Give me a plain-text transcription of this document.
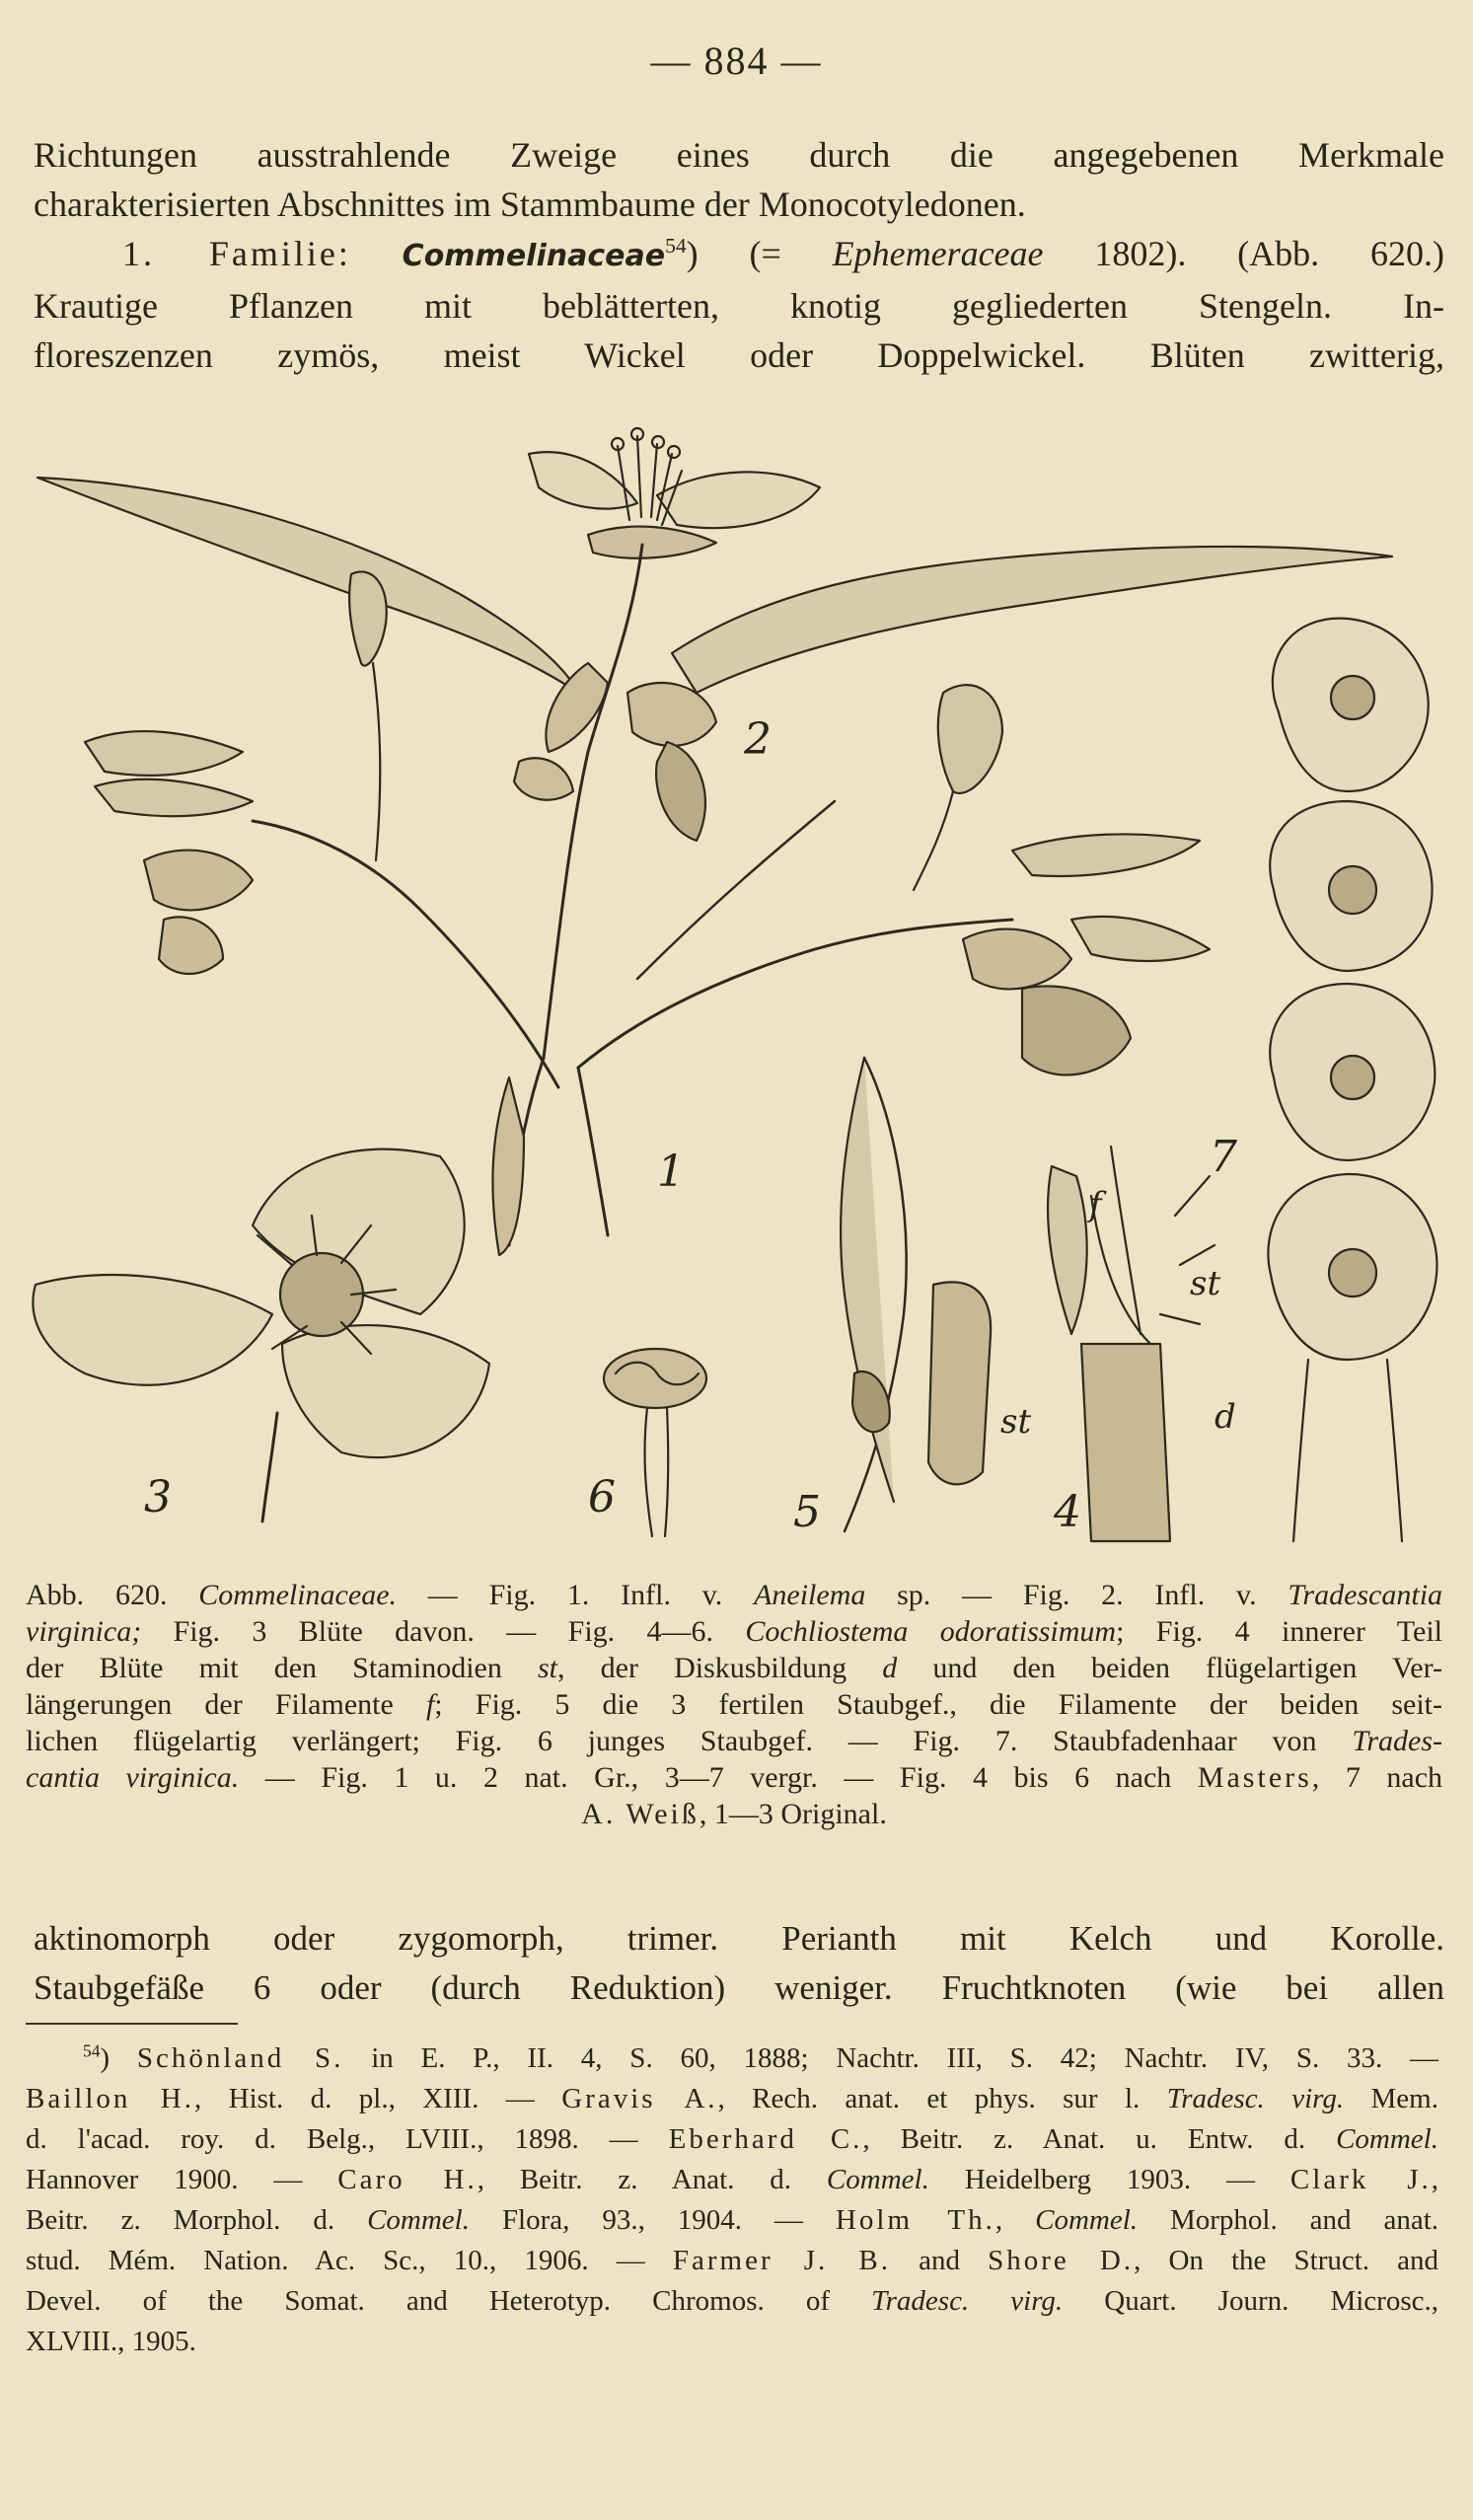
— 884 —
Richtungen ausstrahlende Zweige eines durch die angegebenen Merkmale
charakterisierten Abschnittes im Stammbaume der Monocotyledonen.
1. Familie: Commelinaceae$^{54}$) (= Ephemeraceae 1802). (Abb. 620.)
Krautige Pflanzen mit beblätterten, knotig gegliederten Stengeln. In-
floreszenzen zymös, meist Wickel oder Doppelwickel. Blüten zwitterig,
2
1
3	6	5	4
7
f
st
st	d
Abb. 620. Commelinaceae. — Fig. 1. Infl. v. Aneilema sp. — Fig. 2. Infl. v. Tradescantia
virginica; Fig. 3 Blüte davon. — Fig. 4—6. Cochliostema odoratissimum; Fig. 4 innerer Teil
der Blüte mit den Staminodien st, der Diskusbildung d und den beiden flügelartigen Ver-
längerungen der Filamente f; Fig. 5 die 3 fertilen Staubgef., die Filamente der beiden seit-
lichen flügelartig verlängert; Fig. 6 junges Staubgef. — Fig. 7. Staubfadenhaar von Trades-
cantia virginica. — Fig. 1 u. 2 nat. Gr., 3—7 vergr. — Fig. 4 bis 6 nach Masters, 7 nach
A. Weiß, 1—3 Original.
aktinomorph oder zygomorph, trimer. Perianth mit Kelch und Korolle.
Staubgefäße 6 oder (durch Reduktion) weniger. Fruchtknoten (wie bei allen
$^{54}$) Schönland S. in E. P., II. 4, S. 60, 1888; Nachtr. III, S. 42; Nachtr. IV, S. 33. —
Baillon H., Hist. d. pl., XIII. — Gravis A., Rech. anat. et phys. sur l. Tradesc. virg. Mem.
d. l'acad. roy. d. Belg., LVIII., 1898. — Eberhard C., Beitr. z. Anat. u. Entw. d. Commel.
Hannover 1900. — Caro H., Beitr. z. Anat. d. Commel. Heidelberg 1903. — Clark J.,
Beitr. z. Morphol. d. Commel. Flora, 93., 1904. — Holm Th., Commel. Morphol. and anat.
stud. Mém. Nation. Ac. Sc., 10., 1906. — Farmer J. B. and Shore D., On the Struct. and
Devel. of the Somat. and Heterotyp. Chromos. of Tradesc. virg. Quart. Journ. Microsc.,
XLVIII., 1905.
